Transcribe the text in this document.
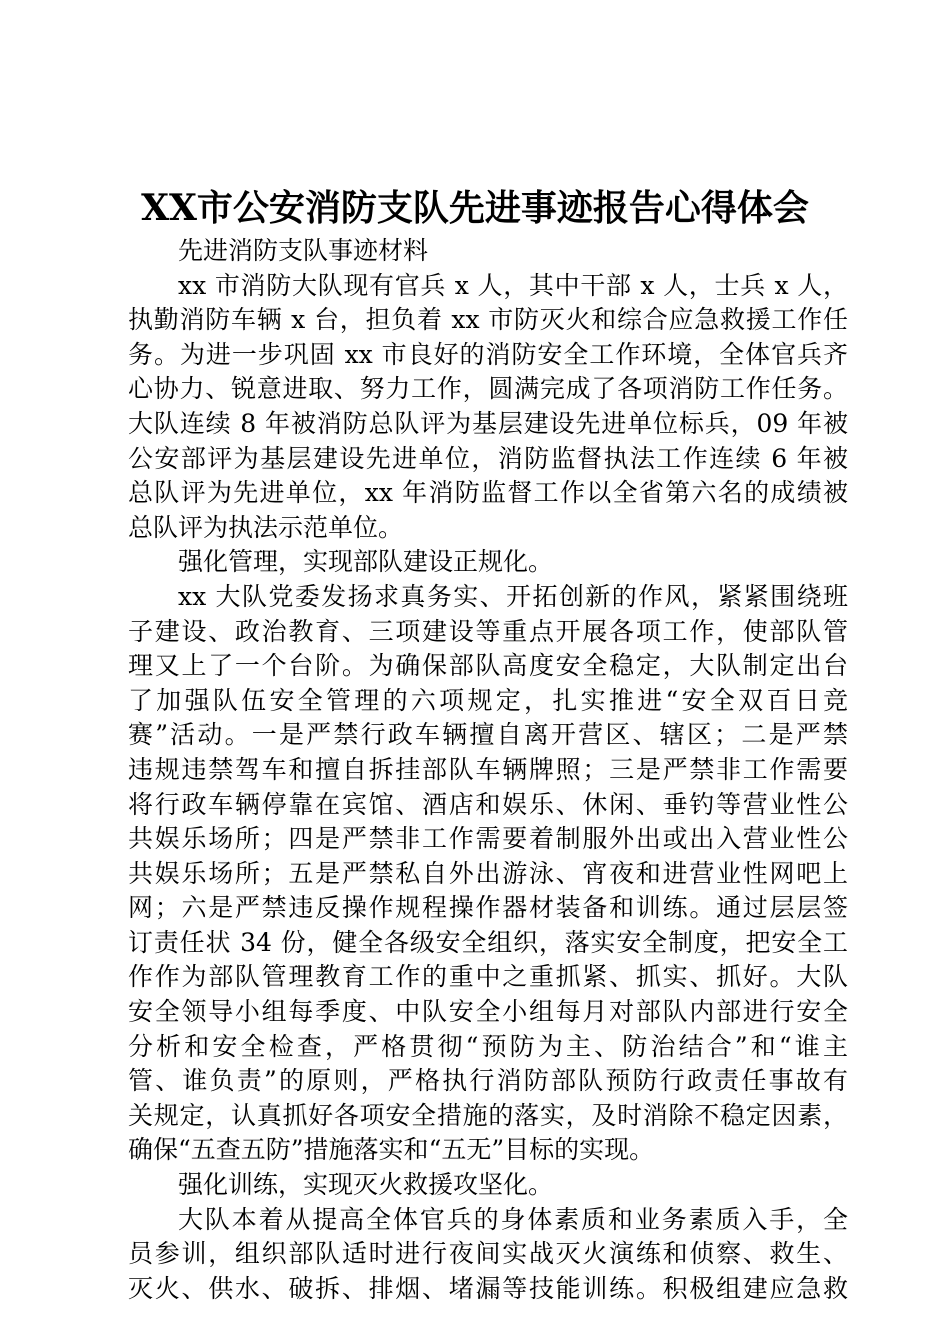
XX市公安消防支队先进事迹报告心得体会
先进消防支队事迹材料
xx 市消防大队现有官兵 x 人，其中干部 x 人，士兵 x 人，
执勤消防车辆 x 台，担负着 xx 市防灭火和综合应急救援工作任
务。为进一步巩固 xx 市良好的消防安全工作环境，全体官兵齐
心协力、锐意进取、努力工作，圆满完成了各项消防工作任务。
大队连续 8 年被消防总队评为基层建设先进单位标兵，09 年被
公安部评为基层建设先进单位，消防监督执法工作连续 6 年被
总队评为先进单位，xx 年消防监督工作以全省第六名的成绩被
总队评为执法示范单位。
强化管理，实现部队建设正规化。
xx 大队党委发扬求真务实、开拓创新的作风，紧紧围绕班
子建设、政治教育、三项建设等重点开展各项工作，使部队管
理又上了一个台阶。为确保部队高度安全稳定，大队制定出台
了加强队伍安全管理的六项规定，扎实推进“安全双百日竞
赛”活动。一是严禁行政车辆擅自离开营区、辖区；二是严禁
违规违禁驾车和擅自拆挂部队车辆牌照；三是严禁非工作需要
将行政车辆停靠在宾馆、酒店和娱乐、休闲、垂钓等营业性公
共娱乐场所；四是严禁非工作需要着制服外出或出入营业性公
共娱乐场所；五是严禁私自外出游泳、宵夜和进营业性网吧上
网；六是严禁违反操作规程操作器材装备和训练。通过层层签
订责任状 34 份，健全各级安全组织，落实安全制度，把安全工
作作为部队管理教育工作的重中之重抓紧、抓实、抓好。大队
安全领导小组每季度、中队安全小组每月对部队内部进行安全
分析和安全检查，严格贯彻“预防为主、防治结合”和“谁主
管、谁负责”的原则，严格执行消防部队预防行政责任事故有
关规定，认真抓好各项安全措施的落实，及时消除不稳定因素，
确保“五查五防”措施落实和“五无”目标的实现。
强化训练，实现灭火救援攻坚化。
大队本着从提高全体官兵的身体素质和业务素质入手，全
员参训，组织部队适时进行夜间实战灭火演练和侦察、救生、
灭火、供水、破拆、排烟、堵漏等技能训练。积极组建应急救
